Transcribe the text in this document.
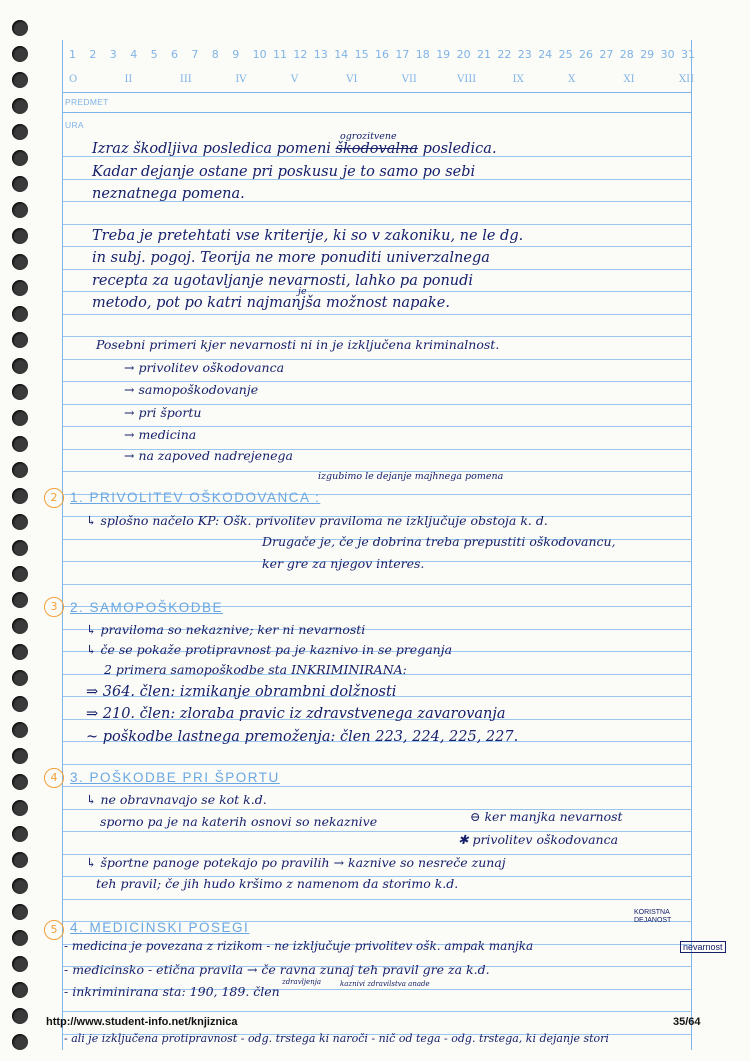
1 2 3 4 5 6 7 8 9 10 11 12 13 14 15 16 17 18 19 20 21 22 23 24 25 26 27 28 29 30 31
O	II	III	IV	V	VI	VII	VIII	IX	X	XI	XII
PREDMET
URA
ogrozitvene
Izraz škodljiva posledica pomeni škodovalna posledica.
Kadar dejanje ostane pri poskusu je to samo po sebi
neznatnega pomena.
Treba je pretehtati vse kriterije, ki so v zakoniku, ne le dg.
in subj. pogoj. Teorija ne more ponuditi univerzalnega
recepta za ugotavljanje nevarnosti, lahko pa ponudi
je
metodo, pot po katri najmanjša možnost napake.
Posebni primeri kjer nevarnosti ni in je izključena kriminalnost.
→ privolitev oškodovanca
→ samopoškodovanje
→ pri športu
→ medicina
→ na zapoved nadrejenega
izgubimo le dejanje majhnega pomena
2 1. PRIVOLITEV OŠKODOVANCA :
↳ splošno načelo KP: Ošk. privolitev praviloma ne izključuje obstoja k. d.
Drugače je, če je dobrina treba prepustiti oškodovancu,
ker gre za njegov interes.
3 2. SAMOPOŠKODBE
↳ praviloma so nekaznive; ker ni nevarnosti
↳ če se pokaže protipravnost pa je kaznivo in se preganja
2 primera samopoškodbe sta INKRIMINIRANA:
⇒ 364. člen: izmikanje obrambni dolžnosti
⇒ 210. člen: zloraba pravic iz zdravstvenega zavarovanja
~ poškodbe lastnega premoženja: člen 223, 224, 225, 227.
4 3. POŠKODBE PRI ŠPORTU
↳ ne obravnavajo se kot k.d.
sporno pa je na katerih osnovi so nekaznive	⊖ ker manjka nevarnost
✱ privolitev oškodovanca
↳ športne panoge potekajo po pravilih → kaznive so nesreče zunaj
teh pravil; če jih hudo kršimo z namenom da storimo k.d.
5 4. MEDICINSKI POSEGI
KORISTNA DEJANOST
- medicina je povezana z rizikom - ne izključuje privolitev ošk. ampak manjka	nevarnost
- medicinsko - etična pravila → če ravna zunaj teh pravil gre za k.d.
zdravljenja	kaznivi zdravilstva anade
- inkriminirana sta: 190, 189. člen
- ali je izključena protipravnost - odg. trstega ki naroči - nič od tega - odg. trstega, ki dejanje stori
http://www.student-info.net/knjiznica	35/64
